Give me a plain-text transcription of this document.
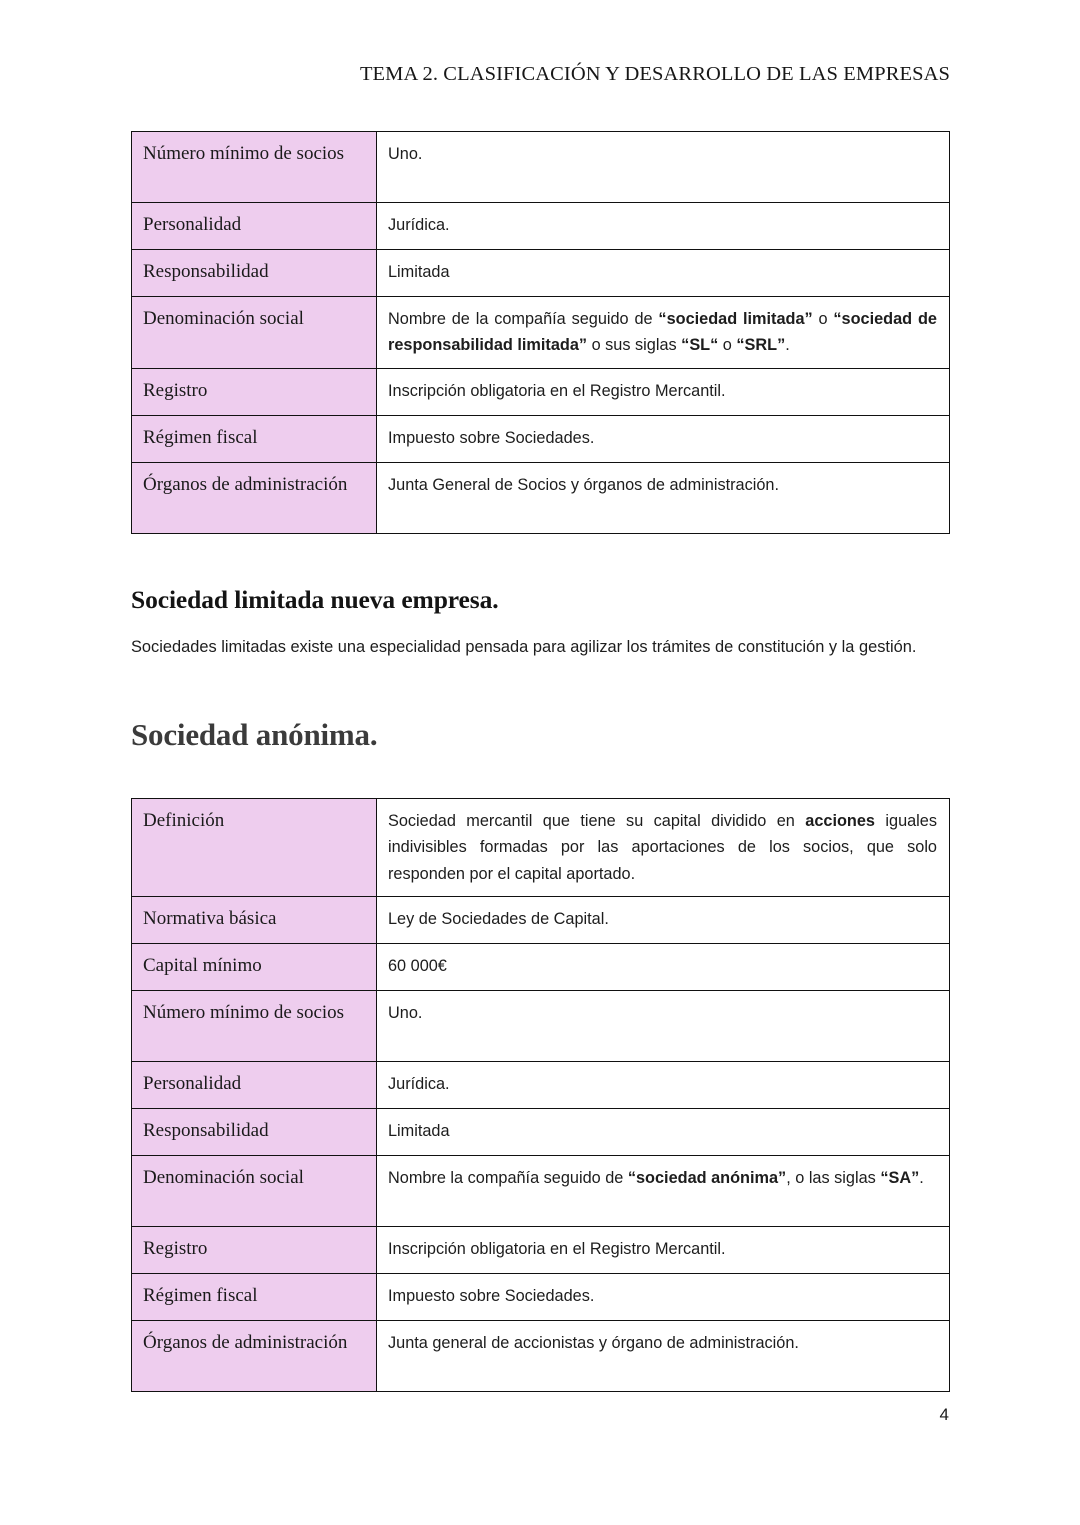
TEMA 2. CLASIFICACIÓN Y DESARROLLO DE LAS EMPRESAS
Número mínimo de socios	Uno.
Personalidad	Jurídica.
Responsabilidad	Limitada
Denominación social	Nombre de la compañía seguido de “sociedad limitada” o “sociedad de responsabilidad limitada” o sus siglas “SL“ o “SRL”.
Registro	Inscripción obligatoria en el Registro Mercantil.
Régimen fiscal	Impuesto sobre Sociedades.
Órganos de administración	Junta General de Socios y órganos de administración.
Sociedad limitada nueva empresa.
Sociedades limitadas existe una especialidad pensada para agilizar los trámites de constitución y la gestión.
Sociedad anónima.
Definición	Sociedad mercantil que tiene su capital dividido en acciones iguales indivisibles formadas por las aportaciones de los socios, que solo responden por el capital aportado.
Normativa básica	Ley de Sociedades de Capital.
Capital mínimo	60 000€
Número mínimo de socios	Uno.
Personalidad	Jurídica.
Responsabilidad	Limitada
Denominación social	Nombre la compañía seguido de “sociedad anónima”, o las siglas “SA”.
Registro	Inscripción obligatoria en el Registro Mercantil.
Régimen fiscal	Impuesto sobre Sociedades.
Órganos de administración	Junta general de accionistas y órgano de administración.
4
